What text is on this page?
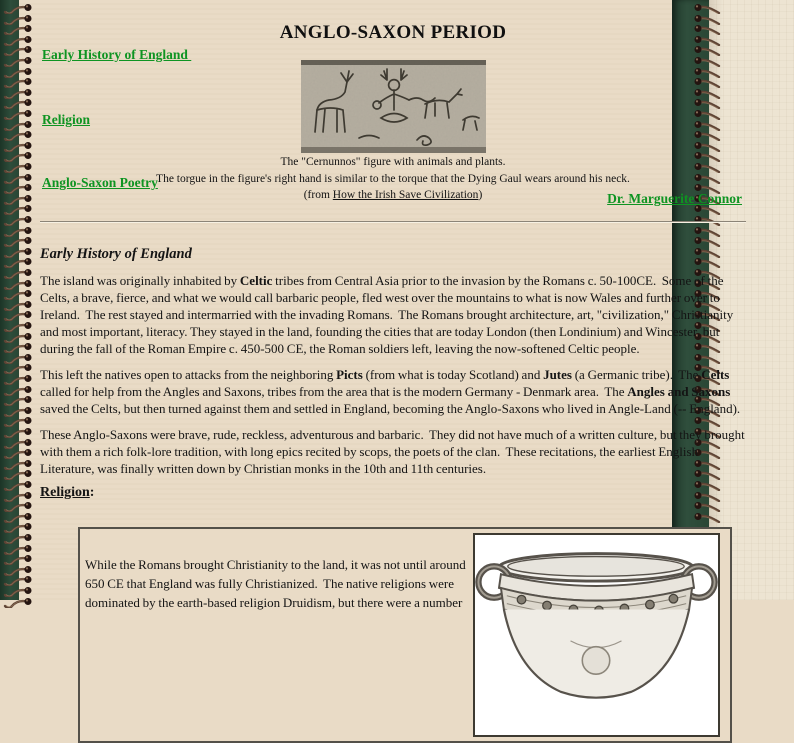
Early History of England
Religion
Anglo-Saxon Poetry
ANGLO-SAXON PERIOD
The "Cernunnos" figure with animals and plants.
The torgue in the figure's right hand is similar to the torque that the Dying Gaul wears around his neck.
(from How the Irish Save Civilization)	Dr. Marguerite Connor
Early History of England

The island was originally inhabited by Celtic tribes from Central Asia prior to the invasion by the Romans c. 50-100CE.  Some of the Celts, a brave, fierce, and what we would call barbaric people, fled west over the mountains to what is now Wales and further over to Ireland.  The rest stayed and intermarried with the invading Romans.  The Romans brought architecture, art, "civilization," Christianity and most important, literacy. They stayed in the land, founding the cities that are today London (then Londinium) and Wincester, but during the fall of the Roman Empire c. 450-500 CE, the Roman soldiers left, leaving the now-softened Celtic people.

This left the natives open to attacks from the neighboring Picts (from what is today Scotland) and Jutes (a Germanic tribe).  The Celts called for help from the Angles and Saxons, tribes from the area that is the modern Germany - Denmark area.  The Angles and Saxons saved the Celts, but then turned against them and settled in England, becoming the Anglo-Saxons who lived in Angle-Land (-- England).

These Anglo-Saxons were brave, rude, reckless, adventurous and barbaric.  They did not have much of a written culture, but they brought with them a rich folk-lore tradition, with long epics recited by scops, the poets of the clan.  These recitations, the earliest English Literature, was finally written down by Christian monks in the 10th and 11th centuries.

Religion:
While the Romans brought Christianity to the land, it was not until around 650 CE that England was fully Christianized.  The native religions were dominated by the earth-based religion Druidism, but there were a number	
